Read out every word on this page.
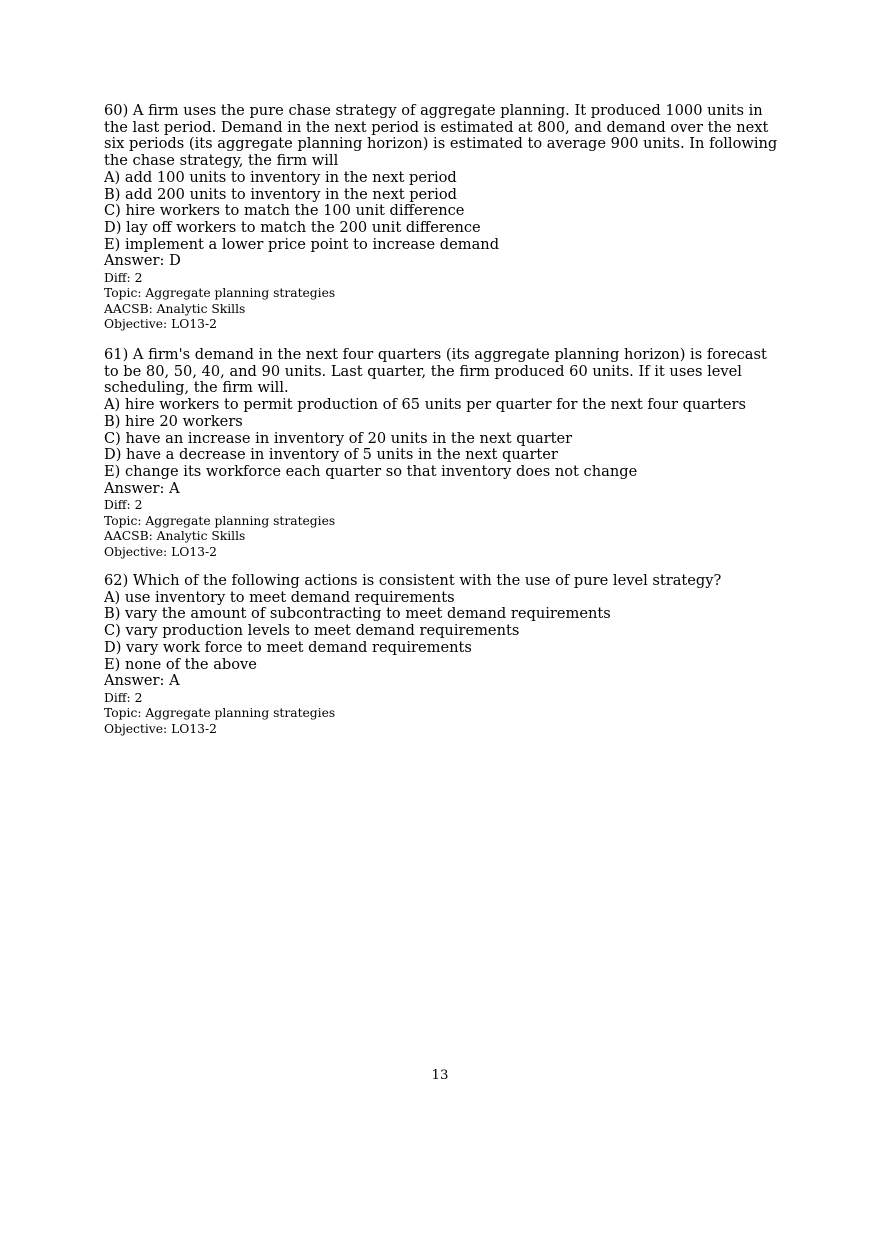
60) A firm uses the pure chase strategy of aggregate planning. It produced 1000 units in the last period. Demand in the next period is estimated at 800, and demand over the next six periods (its aggregate planning horizon) is estimated to average 900 units. In following the chase strategy, the firm will

A) add 100 units to inventory in the next period

B) add 200 units to inventory in the next period

C) hire workers to match the 100 unit difference

D) lay off workers to match the 200 unit difference

E) implement a lower price point to increase demand

Answer: D

Diff: 2

Topic: Aggregate planning strategies

AACSB: Analytic Skills

Objective: LO13-2

61) A firm's demand in the next four quarters (its aggregate planning horizon) is forecast to be 80, 50, 40, and 90 units. Last quarter, the firm produced 60 units. If it uses level scheduling, the firm will.

A) hire workers to permit production of 65 units per quarter for the next four quarters

B) hire 20 workers

C) have an increase in inventory of 20 units in the next quarter

D) have a decrease in inventory of 5 units in the next quarter

E) change its workforce each quarter so that inventory does not change

Answer: A

Diff: 2

Topic: Aggregate planning strategies

AACSB: Analytic Skills

Objective: LO13-2

62) Which of the following actions is consistent with the use of pure level strategy?

A) use inventory to meet demand requirements

B) vary the amount of subcontracting to meet demand requirements

C) vary production levels to meet demand requirements

D) vary work force to meet demand requirements

E) none of the above

Answer: A

Diff: 2

Topic: Aggregate planning strategies

Objective: LO13-2

13
